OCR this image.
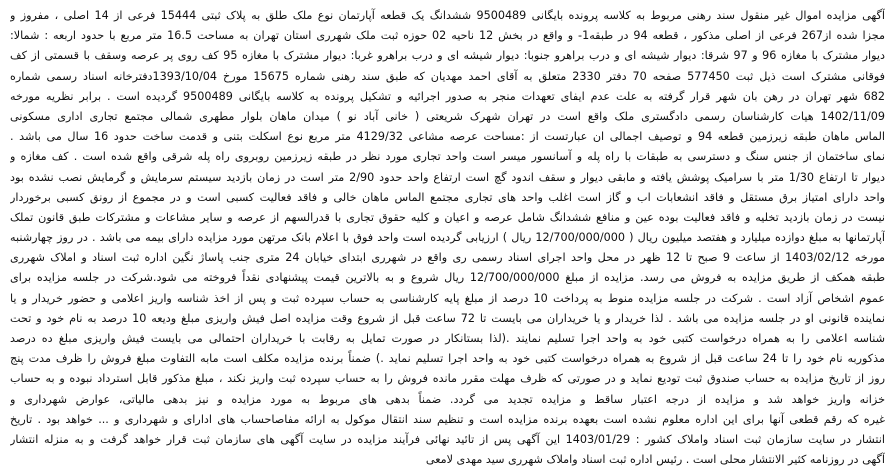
آگهی مزایده اموال غیر منقول سند رهنی مربوط به کلاسه پرونده بایگانی 9500489 ششدانگ یک قطعه آپارتمان نوع ملک طلق به پلاک ثبتی 15444 فرعی از 14 اصلی ، مفروز و
مجزا شده از267 فرعی از اصلی مذکور ، قطعه 94 در طبقه1- و واقع در بخش 12 ناحیه 02 حوزه ثبت ملک شهرری استان تهران به مساحت 16.5 متر مربع با حدود اربعه : شمالا:
دیوار مشترک با مغازه 96 و 97 شرقا: دیوار شیشه ای و درب براهرو جنوبا: دیوار شیشه ای و درب براهرو غربا: دیوار مشترک با مغازه 95 کف روی پر عرصه وسقف با قسمتی از کف
فوقانی مشترک است ذیل ثبت 577450 صفحه 70 دفتر 2330 متعلق به آقای احمد مهدیان که طبق سند رهنی شماره 15675 مورخ 1393/10/04دفترخانه اسناد رسمی شماره
682 شهر تهران در رهن بان شهر قرار گرفته به علت عدم ایفای تعهدات منجر به صدور اجرائیه و تشکیل پرونده به کلاسه بایگانی 9500489 گردیده است . برابر نظریه مورخه
1402/11/09 هیات کارشناسان رسمی دادگستری ملک واقع است در تهران شهرک شریعتی ( خانی آباد نو ) میدان ماهان بلوار مطهری شمالی مجتمع تجاری اداری مسکونی
الماس ماهان طبقه زیرزمین قطعه 94 و توصیف اجمالی ان عبارتست از :مساحت عرصه مشاعی 4129/32 متر مربع نوع اسکلت بتنی و قدمت ساخت حدود 16 سال می باشد .
نمای ساختمان از جنس سنگ و دسترسی به طبقات با راه پله و آسانسور میسر است واحد تجاری مورد نظر در طبقه زیرزمین روبروی راه پله شرقی واقع شده است . کف مغازه و
دیوار تا ارتفاع 1/30 متر با سرامیک پوشش یافته و مابقی دیوار و سقف اندود گچ است ارتفاع واحد حدود 2/90 متر است در زمان بازدید سیستم سرمایش و گرمایش نصب نشده بود
واحد دارای امتیاز برق مستقل و فاقد انشعابات اب و گاز است اغلب واحد های تجاری مجتمع الماس ماهان خالی و فاقد فعالیت کسبی است و در مجموع از رونق کسبی برخوردار
نیست در زمان بازدید تخلیه و فاقد فعالیت بوده عین و منافع ششدانگ شامل عرصه و اعیان و کلیه حقوق تجاری با قدرالسهم از عرصه و سایر مشاعات و مشترکات طبق قانون تملک
آپارتمانها به مبلغ دوازده میلیارد و هفتصد میلیون ریال ( 12/700/000/000 ریال ) ارزیابی گردیده است واحد فوق با اعلام بانک مرتهن مورد مزایده دارای بیمه می باشد . در روز چهارشنبه
مورخه 1403/02/12 از ساعت 9 صبح تا 12 ظهر در محل واحد اجرای اسناد رسمی ری واقع در شهرری ابتدای خیابان 24 متری جنب پاساژ نگین اداره ثبت اسناد و املاک شهرری
طبقه همکف از طریق مزایده به فروش می رسد. مزایده از مبلغ 12/700/000/000 ریال شروع و به بالاترین قیمت پیشنهادی نقداً فروخته می شود.شرکت در جلسه مزایده برای
عموم اشخاص آزاد است . شرکت در جلسه مزایده منوط به پرداخت 10 درصد از مبلغ پایه کارشناسی به حساب سپرده ثبت و پس از اخذ شناسه واریز اعلامی و حضور خریدار و یا
نماینده قانونی او در جلسه مزایده می باشد . لذا خریدار و یا خریداران می بایست تا 72 ساعت قبل از شروع وقت مزایده اصل فیش واریزی مبلغ ودیعه 10 درصد به نام خود و تحت
شناسه اعلامی را به همراه درخواست کتبی خود به واحد اجرا تسلیم نمایند .(لذا بستانکار در صورت تمایل به رقابت با خریداران احتمالی می بایست فیش واریزی مبلغ ده درصد
مذکوربه نام خود را تا 24 ساعت قبل از شروع به همراه درخواست کتبی خود به واحد اجرا تسلیم نماید .) ضمناً برنده مزایده مکلف است مابه التفاوت مبلغ فروش را ظرف مدت پنج
روز از تاریخ مزایده به حساب صندوق ثبت تودیع نماید و در صورتی که ظرف مهلت مقرر مانده فروش را به حساب سپرده ثبت واریز نکند ، مبلغ مذکور قابل استرداد نبوده و به حساب
خزانه واریز خواهد شد و مزایده از درجه اعتبار ساقط و مزایده تجدید می گردد. ضمناً بدهی های مربوط به مورد مزایده و نیز بدهی مالیاتی، عوارض شهرداری و
غیره که رقم قطعی آنها برای این اداره معلوم نشده است بعهده برنده مزایده است و تنظیم سند انتقال موکول به ارائه مفاصاحساب های ادارای و شهرداری و ... خواهد بود . تاریخ
انتشار در سایت سازمان ثبت اسناد واملاک کشور : 1403/01/29 این آگهی پس از تائید نهائی فرآیند مزایده در سایت آگهی های سازمان ثبت قرار خواهد گرفت و به منزله انتشار
آگهی در روزنامه کثیر الانتشار محلی است . رئیس اداره ثبت اسناد واملاک شهرری سید مهدی لامعی
